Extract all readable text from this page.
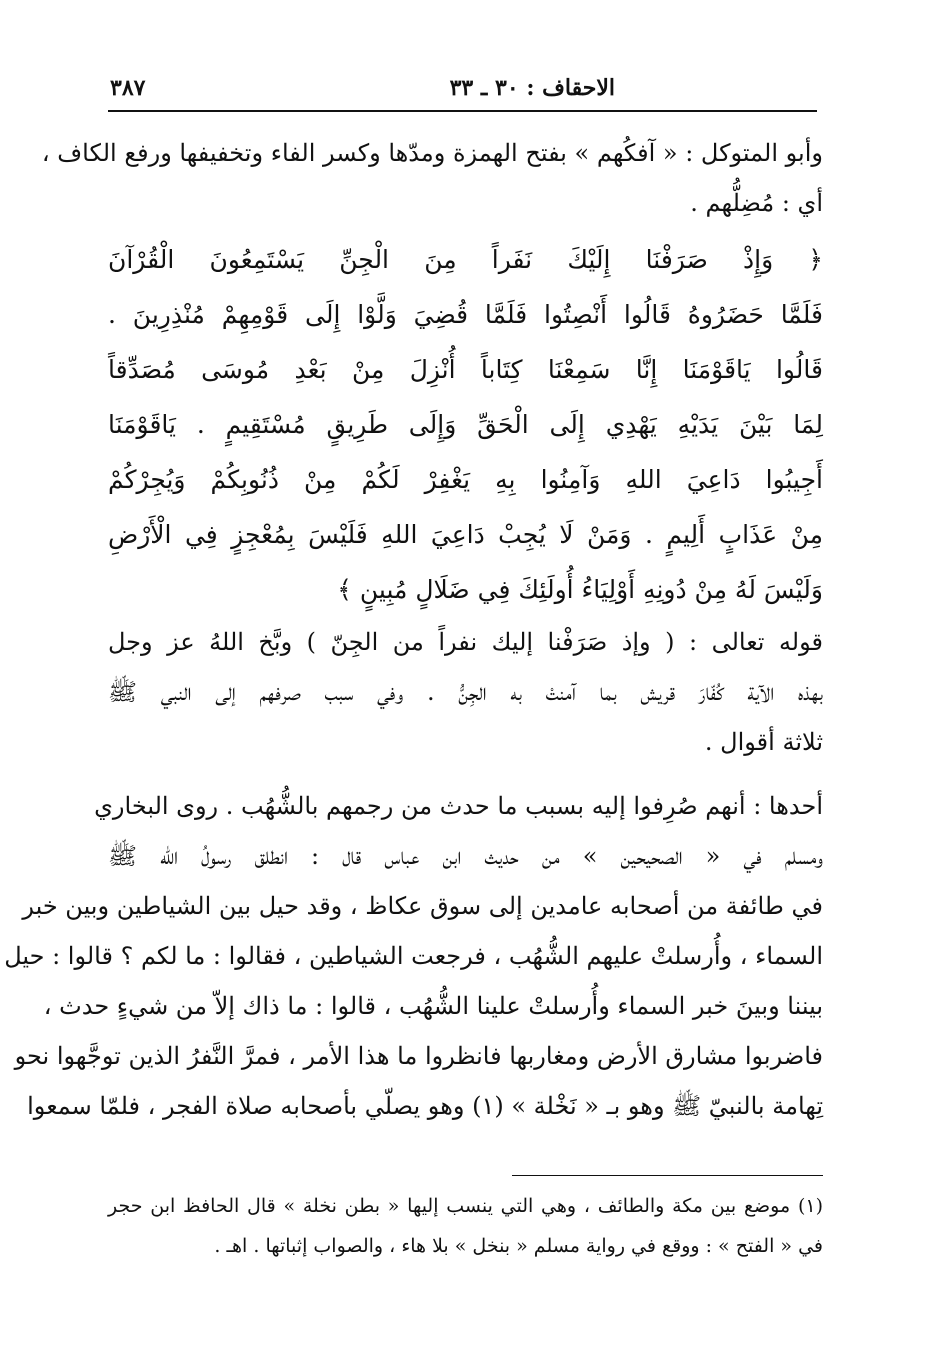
الاحقاف : ٣٠ ـ ٣٣
٣٨٧
وأبو المتوكل : « آفكُهم » بفتح الهمزة ومدّها وكسر الفاء وتخفيفها ورفع الكاف ،
أي : مُضِلُّهم .
﴿ وَإِذْ صَرَفْنَا إِلَيْكَ نَفَراً مِنَ الْجِنِّ يَسْتَمِعُونَ الْقُرْآنَ
فَلَمَّا حَضَرُوهُ قَالُوا أَنْصِتُوا فَلَمَّا قُضِيَ وَلَّوْا إِلَى قَوْمِهِمْ مُنْذِرِينَ .
قَالُوا يَاقَوْمَنَا إِنَّا سَمِعْنَا كِتَاباً أُنْزِلَ مِنْ بَعْدِ مُوسَى مُصَدِّقاً
لِمَا بَيْنَ يَدَيْهِ يَهْدِي إِلَى الْحَقِّ وَإِلَى طَرِيقٍ مُسْتَقِيمٍ . يَاقَوْمَنَا
أَجِيبُوا دَاعِيَ اللهِ وَآمِنُوا بِهِ يَغْفِرْ لَكُمْ مِنْ ذُنُوبِكُمْ وَيُجِرْكُمْ
مِنْ عَذَابٍ أَلِيمٍ . وَمَنْ لَا يُجِبْ دَاعِيَ اللهِ فَلَيْسَ بِمُعْجِزٍ فِي الْأَرْضِ
وَلَيْسَ لَهُ مِنْ دُونِهِ أَوْلِيَاءُ أُولَئِكَ فِي ضَلَالٍ مُبِينٍ ﴾
قوله تعالى : ( وإذ صَرَفْنا إليك نفراً من الجِنّ ) وبَّخ اللهُ عز وجل
بهذه الآية كُفّارَ قريش بما آمنتْ به الجِنُّ . وفي سبب صرفهم إلى النبي ﷺ
ثلاثة أقوال .
أحدها : أنهم صُرِفوا إليه بسبب ما حدث من رجمهم بالشُّهُب . روى البخاري
ومسلم في « الصحيحين » من حديث ابن عباس قال : انطلق رسولُ الله ﷺ
في طائفة من أصحابه عامدين إلى سوق عكاظ ، وقد حيل بين الشياطين وبين خبر
السماء ، وأُرسلتْ عليهم الشُّهُب ، فرجعت الشياطين ، فقالوا : ما لكم ؟ قالوا : حيل
بيننا وبينَ خبر السماء وأُرسلتْ علينا الشُّهُب ، قالوا : ما ذاك إلاّ من شيءٍ حدث ،
فاضربوا مشارق الأرض ومغاربها فانظروا ما هذا الأمر ، فمرَّ النَّفرُ الذين توجَّهوا نحو
تِهامة بالنبيّ ﷺ وهو بـ « نَخْلة » (١) وهو يصلّي بأصحابه صلاة الفجر ، فلمّا سمعوا
(١) موضع بين مكة والطائف ، وهي التي ينسب إليها « بطن نخلة » قال الحافظ ابن حجر
في « الفتح » : ووقع في رواية مسلم « بنخل » بلا هاء ، والصواب إثباتها . اهـ .
